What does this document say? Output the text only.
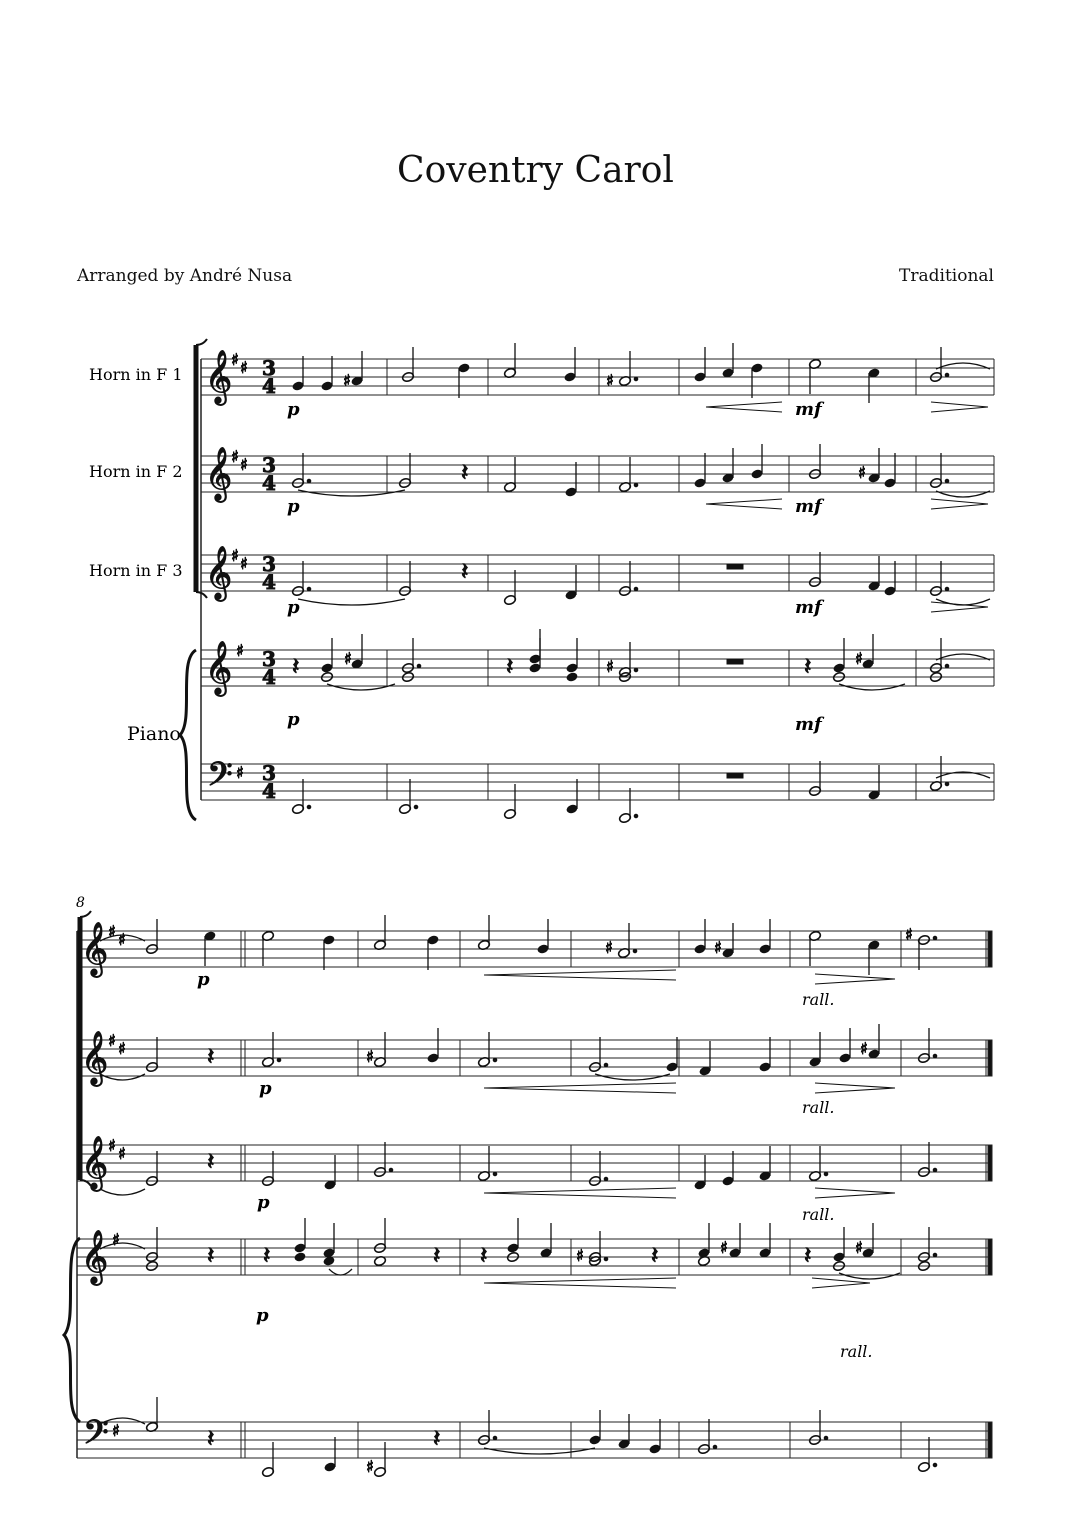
Coventry Carol
Arranged by André Nusa	Traditional
Horn in F 1
Horn in F 2
Horn in F 3
Piano
8
𝄞
♯ ♯ 3
4
𝄞
♯ ♯ 3
4
𝄞
♯ ♯ 3
4
𝄞 ♯ 3
4
𝄢 ♯ 3
4
𝄞 ♯ ♯
𝄞 ♯ ♯
𝄞 ♯ ♯
𝄞 ♯
𝄢 ♯
♯	♯
𝄽	♯
𝄽
𝄽	♯	𝄽	♯	𝄽	♯
♯	♯
♯
𝄽	♯	♯
𝄽
𝄽 𝄽	𝄽 𝄽	♯	𝄽	♯	𝄽	♯
𝄽
♯
𝄽
p
p
p
p
mf
mf
mf
mf
p
p
p
p
rall.
rall.
rall.
rall.
